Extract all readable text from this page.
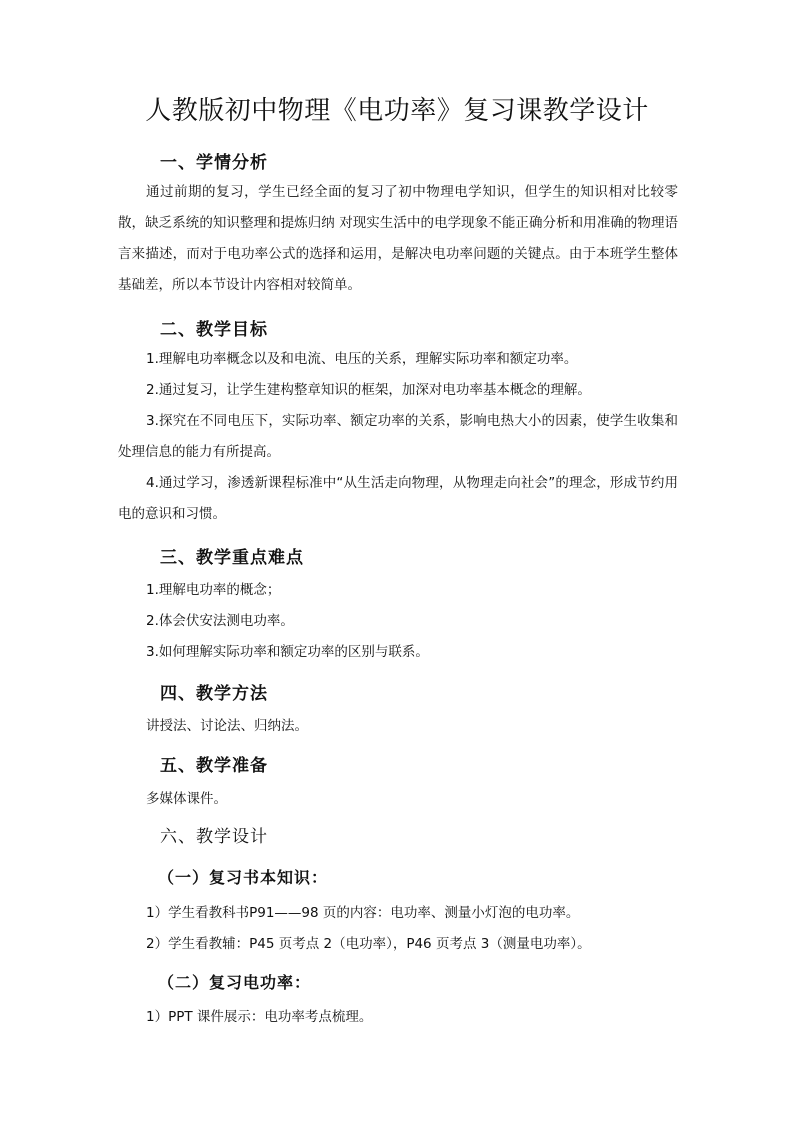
人教版初中物理《电功率》复习课教学设计
一、学情分析

通过前期的复习，学生已经全面的复习了初中物理电学知识，但学生的知识相对比较零散，缺乏系统的知识整理和提炼归纳 对现实生活中的电学现象不能正确分析和用准确的物理语言来描述，而对于电功率公式的选择和运用，是解决电功率问题的关键点。由于本班学生整体基础差，所以本节设计内容相对较简单。

二、教学目标

1.理解电功率概念以及和电流、电压的关系，理解实际功率和额定功率。

2.通过复习，让学生建构整章知识的框架，加深对电功率基本概念的理解。

3.探究在不同电压下，实际功率、额定功率的关系，影响电热大小的因素，使学生收集和处理信息的能力有所提高。

4.通过学习，渗透新课程标准中“从生活走向物理，从物理走向社会”的理念，形成节约用电的意识和习惯。

三、教学重点难点

1.理解电功率的概念；

2.体会伏安法测电功率。

3.如何理解实际功率和额定功率的区别与联系。

四、教学方法

讲授法、讨论法、归纳法。

五、教学准备

多媒体课件。

六、教学设计
（一）复习书本知识：

1）学生看教科书P91——98 页的内容：电功率、测量小灯泡的电功率。

2）学生看教辅：P45 页考点 2（电功率），P46 页考点 3（测量电功率）。

（二）复习电功率：

1）PPT 课件展示：电功率考点梳理。
